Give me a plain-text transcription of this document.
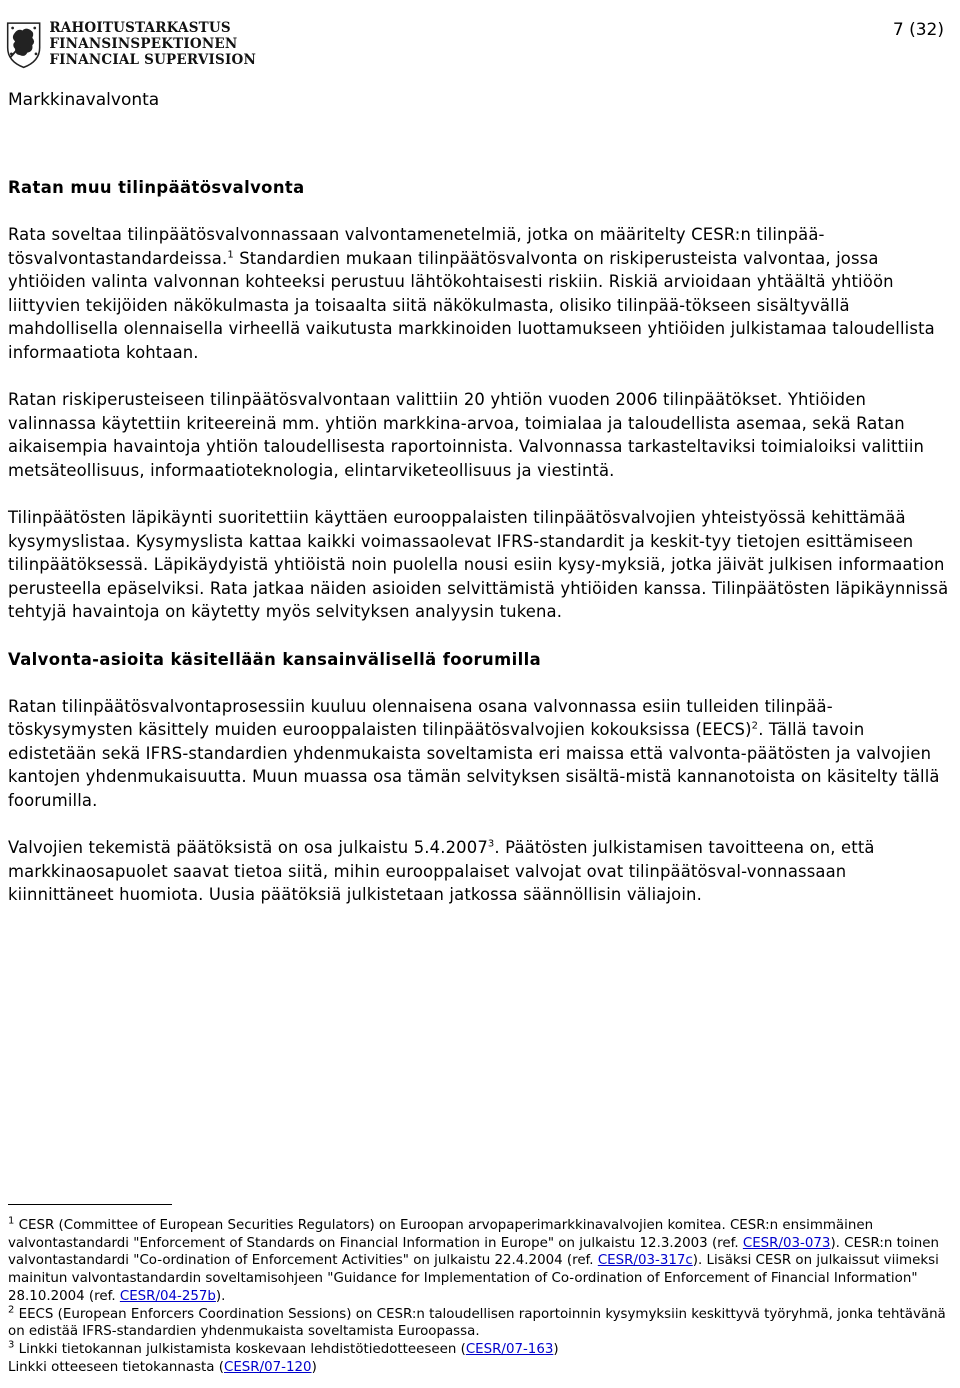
RAHOITUSTARKASTUS
FINANSINSPEKTIONEN
FINANCIAL SUPERVISION
7 (32)
Markkinavalvonta
Ratan muu tilinpäätösvalvonta

Rata soveltaa tilinpäätösvalvonnassaan valvontamenetelmiä, jotka on määritelty CESR:n tilinpää-tösvalvontastandardeissa.$^1$ Standardien mukaan tilinpäätösvalvonta on riskiperusteista valvontaa, jossa yhtiöiden valinta valvonnan kohteeksi perustuu lähtökohtaisesti riskiin. Riskiä arvioidaan yhtäältä yhtiöön liittyvien tekijöiden näkökulmasta ja toisaalta siitä näkökulmasta, olisiko tilinpää-tökseen sisältyvällä mahdollisella olennaisella virheellä vaikutusta markkinoiden luottamukseen yhtiöiden julkistamaa taloudellista informaatiota kohtaan.

Ratan riskiperusteiseen tilinpäätösvalvontaan valittiin 20 yhtiön vuoden 2006 tilinpäätökset. Yhtiöiden valinnassa käytettiin kriteereinä mm. yhtiön markkina-arvoa, toimialaa ja taloudellista asemaa, sekä Ratan aikaisempia havaintoja yhtiön taloudellisesta raportoinnista. Valvonnassa tarkasteltaviksi toimialoiksi valittiin metsäteollisuus, informaatioteknologia, elintarviketeollisuus ja viestintä.

Tilinpäätösten läpikäynti suoritettiin käyttäen eurooppalaisten tilinpäätösvalvojien yhteistyössä kehittämää kysymyslistaa. Kysymyslista kattaa kaikki voimassaolevat IFRS-standardit ja keskit-tyy tietojen esittämiseen tilinpäätöksessä. Läpikäydyistä yhtiöistä noin puolella nousi esiin kysy-myksiä, jotka jäivät julkisen informaation perusteella epäselviksi. Rata jatkaa näiden asioiden selvittämistä yhtiöiden kanssa. Tilinpäätösten läpikäynnissä tehtyjä havaintoja on käytetty myös selvityksen analyysin tukena.

Valvonta-asioita käsitellään kansainvälisellä foorumilla

Ratan tilinpäätösvalvontaprosessiin kuuluu olennaisena osana valvonnassa esiin tulleiden tilinpää-töskysymysten käsittely muiden eurooppalaisten tilinpäätösvalvojien kokouksissa (EECS)$^2$. Tällä tavoin edistetään sekä IFRS-standardien yhdenmukaista soveltamista eri maissa että valvonta-päätösten ja valvojien kantojen yhdenmukaisuutta. Muun muassa osa tämän selvityksen sisältä-mistä kannanotoista on käsitelty tällä foorumilla.

Valvojien tekemistä päätöksistä on osa julkaistu 5.4.2007$^3$. Päätösten julkistamisen tavoitteena on, että markkinaosapuolet saavat tietoa siitä, mihin eurooppalaiset valvojat ovat tilinpäätösval-vonnassaan kiinnittäneet huomiota. Uusia päätöksiä julkistetaan jatkossa säännöllisin väliajoin.

$^1$ CESR (Committee of European Securities Regulators) on Euroopan arvopaperimarkkinavalvojien komitea. CESR:n ensimmäinen valvontastandardi "Enforcement of Standards on Financial Information in Europe" on julkaistu 12.3.2003 (ref. CESR/03-073). CESR:n toinen valvontastandardi "Co-ordination of Enforcement Activities" on julkaistu 22.4.2004 (ref. CESR/03-317c). Lisäksi CESR on julkaissut viimeksi mainitun valvontastandardin soveltamisohjeen "Guidance for Implementation of Co-ordination of Enforcement of Financial Information" 28.10.2004 (ref. CESR/04-257b).

$^2$ EECS (European Enforcers Coordination Sessions) on CESR:n taloudellisen raportoinnin kysymyksiin keskittyvä työryhmä, jonka tehtävänä on edistää IFRS-standardien yhdenmukaista soveltamista Euroopassa.

$^3$ Linkki tietokannan julkistamista koskevaan lehdistötiedotteeseen (CESR/07-163)

Linkki otteeseen tietokannasta (CESR/07-120)
